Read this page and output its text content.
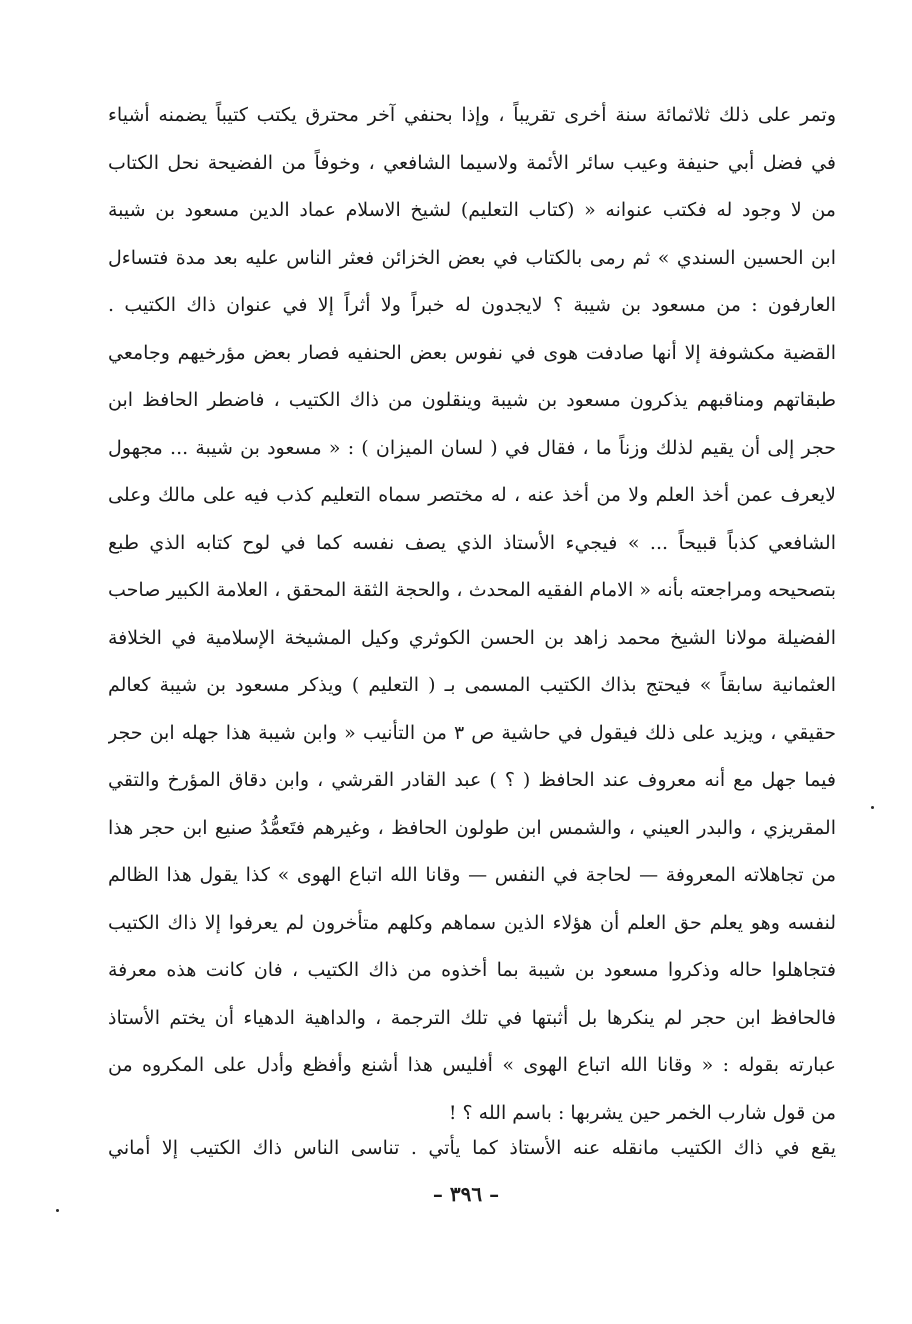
وتمر على ذلك ثلاثمائة سنة أخرى تقريباً ، وإذا بحنفي آخر محترق يكتب كتيباً يضمنه أشياء
في فضل أبي حنيفة وعيب سائر الأئمة ولاسيما الشافعي ، وخوفاً من الفضيحة نحل الكتاب
من لا وجود له فكتب عنوانه « (كتاب التعليم) لشيخ الاسلام عماد الدين مسعود بن شيبة
ابن الحسين السندي » ثم رمى بالكتاب في بعض الخزائن فعثر الناس عليه بعد مدة فتساءل
العارفون : من مسعود بن شيبة ؟ لايجدون له خبراً ولا أثراً إلا في عنوان ذاك الكتيب .
القضية مكشوفة إلا أنها صادفت هوى في نفوس بعض الحنفيه فصار بعض مؤرخيهم وجامعي
طبقاتهم ومناقبهم يذكرون مسعود بن شيبة وينقلون من ذاك الكتيب ، فاضطر الحافظ ابن
حجر إلى أن يقيم لذلك وزناً ما ، فقال في ( لسان الميزان ) : « مسعود بن شيبة ... مجهول
لايعرف عمن أخذ العلم ولا من أخذ عنه ، له مختصر سماه التعليم كذب فيه على مالك وعلى
الشافعي كذباً قبيحاً ... » فيجيء الأستاذ الذي يصف نفسه كما في لوح كتابه الذي طبع
بتصحيحه ومراجعته بأنه « الامام الفقيه المحدث ، والحجة الثقة المحقق ، العلامة الكبير صاحب
الفضيلة مولانا الشيخ محمد زاهد بن الحسن الكوثري وكيل المشيخة الإسلامية في الخلافة
العثمانية سابقاً » فيحتج بذاك الكتيب المسمى بـ ( التعليم ) ويذكر مسعود بن شيبة كعالم
حقيقي ، ويزيد على ذلك فيقول في حاشية ص ٣ من التأنيب « وابن شيبة هذا جهله ابن حجر
فيما جهل مع أنه معروف عند الحافظ ( ؟ ) عبد القادر القرشي ، وابن دقاق المؤرخ والتقي
المقريزي ، والبدر العيني ، والشمس ابن طولون الحافظ ، وغيرهم فتَعمُّدُ صنيع ابن حجر هذا
من تجاهلاته المعروفة — لحاجة في النفس — وقانا الله اتباع الهوى » كذا يقول هذا الظالم
لنفسه وهو يعلم حق العلم أن هؤلاء الذين سماهم وكلهم متأخرون لم يعرفوا إلا ذاك الكتيب
فتجاهلوا حاله وذكروا مسعود بن شيبة بما أخذوه من ذاك الكتيب ، فان كانت هذه معرفة
فالحافظ ابن حجر لم ينكرها بل أثبتها في تلك الترجمة ، والداهية الدهياء أن يختم الأستاذ
عبارته بقوله : « وقانا الله اتباع الهوى » أفليس هذا أشنع وأفظع وأدل على المكروه من
من قول شارب الخمر حين يشربها : باسم الله ؟ !
يقع في ذاك الكتيب مانقله عنه الأستاذ كما يأتي . تناسى الناس ذاك الكتيب إلا أماني
– ٣٩٦ –
